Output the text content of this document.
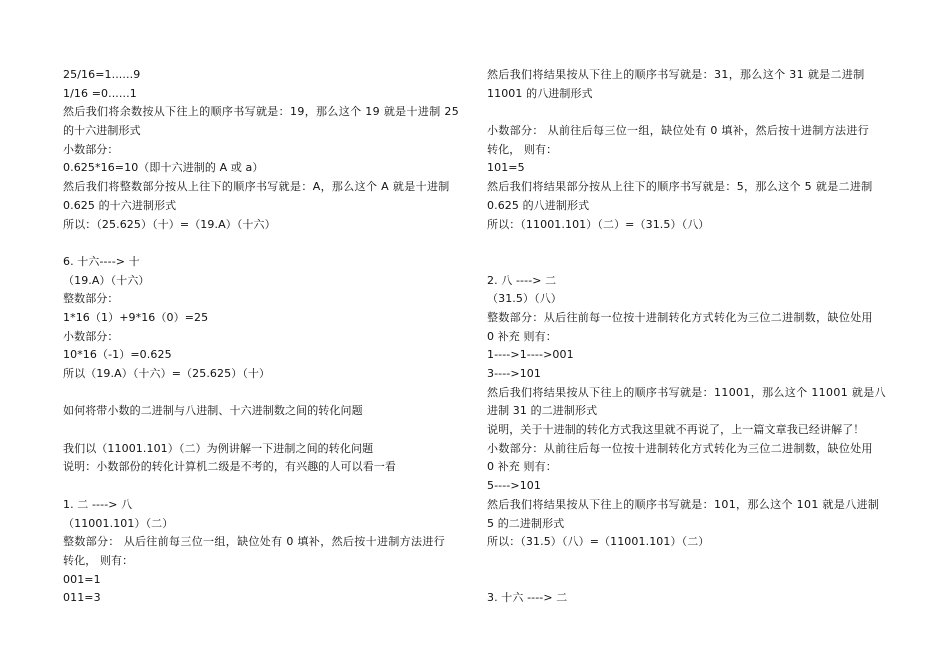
25/16=1......9
1/16 =0......1
然后我们将余数按从下往上的顺序书写就是：19，那么这个 19 就是十进制 25
的十六进制形式
小数部分：
0.625*16=10（即十六进制的 A 或 a）
然后我们将整数部分按从上往下的顺序书写就是：A，那么这个 A 就是十进制
0.625 的十六进制形式
所以：（25.625）（十）=（19.A）（十六）
6. 十六----> 十
（19.A）（十六）
整数部分：
1*16（1）+9*16（0）=25
小数部分：
10*16（-1）=0.625
所以（19.A）（十六）=（25.625）（十）
如何将带小数的二进制与八进制、十六进制数之间的转化问题
我们以（11001.101）（二）为例讲解一下进制之间的转化问题
说明：小数部份的转化计算机二级是不考的，有兴趣的人可以看一看
1. 二 ----> 八
（11001.101）（二）
整数部分： 从后往前每三位一组，缺位处有 0 填补，然后按十进制方法进行
转化， 则有：
001=1
011=3
然后我们将结果按从下往上的顺序书写就是：31，那么这个 31 就是二进制
11001 的八进制形式
小数部分： 从前往后每三位一组，缺位处有 0 填补，然后按十进制方法进行
转化， 则有：
101=5
然后我们将结果部分按从上往下的顺序书写就是：5，那么这个 5 就是二进制
0.625 的八进制形式
所以：（11001.101）（二）=（31.5）（八）
2. 八 ----> 二
（31.5）（八）
整数部分：从后往前每一位按十进制转化方式转化为三位二进制数，缺位处用
0 补充 则有：
1---->1---->001
3---->101
然后我们将结果按从下往上的顺序书写就是：11001，那么这个 11001 就是八
进制 31 的二进制形式
说明，关于十进制的转化方式我这里就不再说了，上一篇文章我已经讲解了！
小数部分：从前往后每一位按十进制转化方式转化为三位二进制数，缺位处用
0 补充 则有：
5---->101
然后我们将结果按从下往上的顺序书写就是：101，那么这个 101 就是八进制
5 的二进制形式
所以：（31.5）（八）=（11001.101）（二）
3. 十六 ----> 二
